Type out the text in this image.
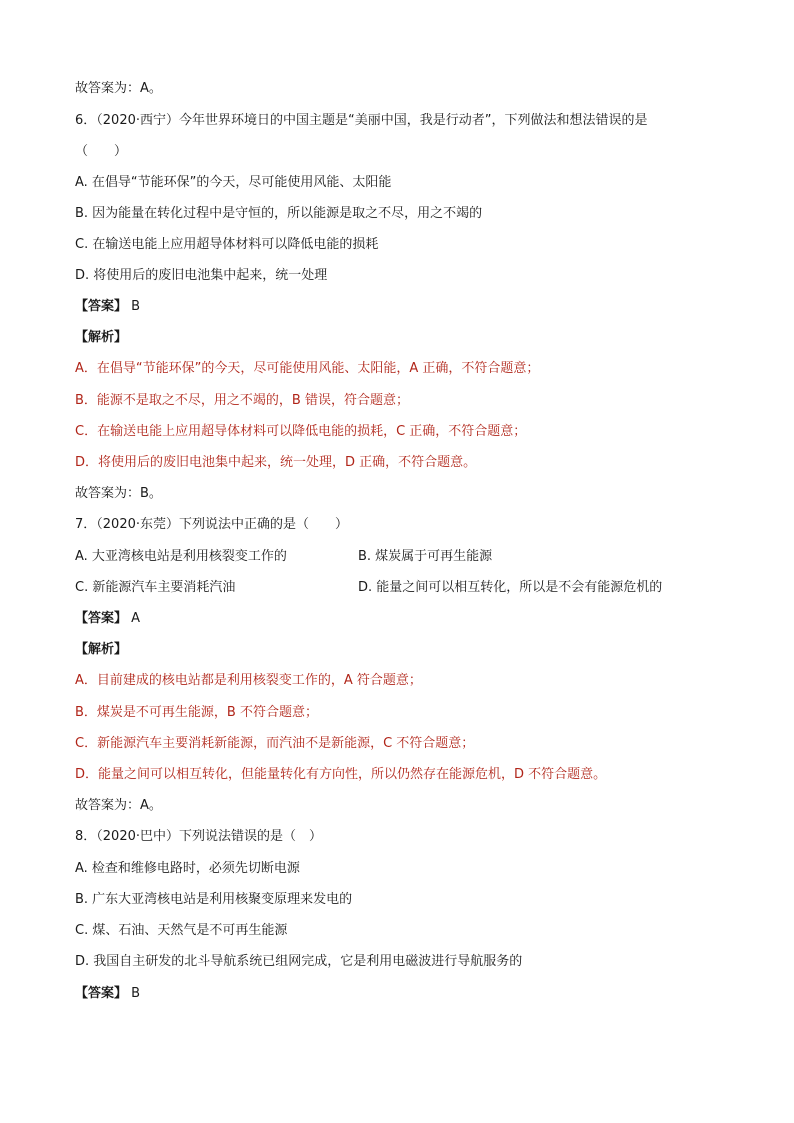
故答案为：A。
6．（2020·西宁）今年世界环境日的中国主题是“美丽中国，我是行动者”，下列做法和想法错误的是
（　　）
A. 在倡导“节能环保”的今天，尽可能使用风能、太阳能
B. 因为能量在转化过程中是守恒的，所以能源是取之不尽，用之不竭的
C. 在输送电能上应用超导体材料可以降低电能的损耗
D. 将使用后的废旧电池集中起来，统一处理
【答案】 B
【解析】
A．在倡导“节能环保”的今天，尽可能使用风能、太阳能，A 正确，不符合题意；
B．能源不是取之不尽，用之不竭的，B 错误，符合题意；
C．在输送电能上应用超导体材料可以降低电能的损耗，C 正确，不符合题意；
D．将使用后的废旧电池集中起来，统一处理，D 正确，不符合题意。
故答案为：B。
7．（2020·东莞）下列说法中正确的是（　　）
A. 大亚湾核电站是利用核裂变工作的	B. 煤炭属于可再生能源
C. 新能源汽车主要消耗汽油	D. 能量之间可以相互转化，所以是不会有能源危机的
【答案】 A
【解析】
A．目前建成的核电站都是利用核裂变工作的，A 符合题意；
B．煤炭是不可再生能源，B 不符合题意；
C．新能源汽车主要消耗新能源，而汽油不是新能源，C 不符合题意；
D．能量之间可以相互转化，但能量转化有方向性，所以仍然存在能源危机，D 不符合题意。
故答案为：A。
8．（2020·巴中）下列说法错误的是（　）
A. 检查和维修电路时，必须先切断电源
B. 广东大亚湾核电站是利用核聚变原理来发电的
C. 煤、石油、天然气是不可再生能源
D. 我国自主研发的北斗导航系统已组网完成，它是利用电磁波进行导航服务的
【答案】 B
